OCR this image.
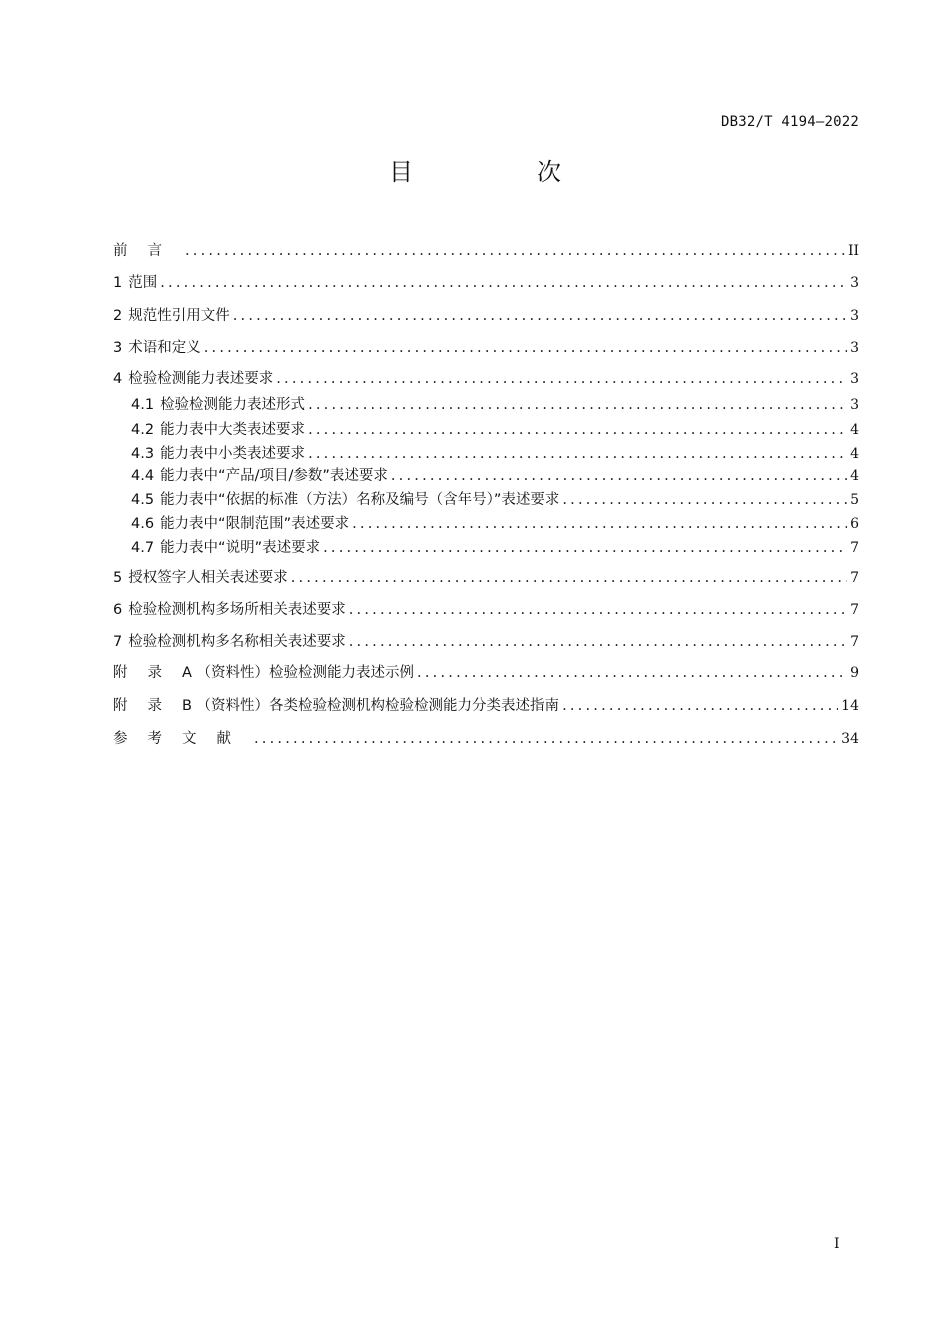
DB32/T 4194—2022
目　次
前言 .....	II
1 范围 .....	3
2 规范性引用文件 .....	3
3 术语和定义 .....	3
4 检验检测能力表述要求 .....	3
4.1 检验检测能力表述形式 .....	3
4.2 能力表中大类表述要求 .....	4
4.3 能力表中小类表述要求 .....	4
4.4 能力表中“产品/项目/参数”表述要求 .....	4
4.5 能力表中“依据的标准（方法）名称及编号（含年号）”表述要求 .....	5
4.6 能力表中“限制范围”表述要求 .....	6
4.7 能力表中“说明”表述要求 .....	7
5 授权签字人相关表述要求 .....	7
6 检验检测机构多场所相关表述要求 .....	7
7 检验检测机构多名称相关表述要求 .....	7
附录A （资料性）检验检测能力表述示例 .....	9
附录B （资料性）各类检验检测机构检验检测能力分类表述指南 .....	14
参考文献 .....	34
I
